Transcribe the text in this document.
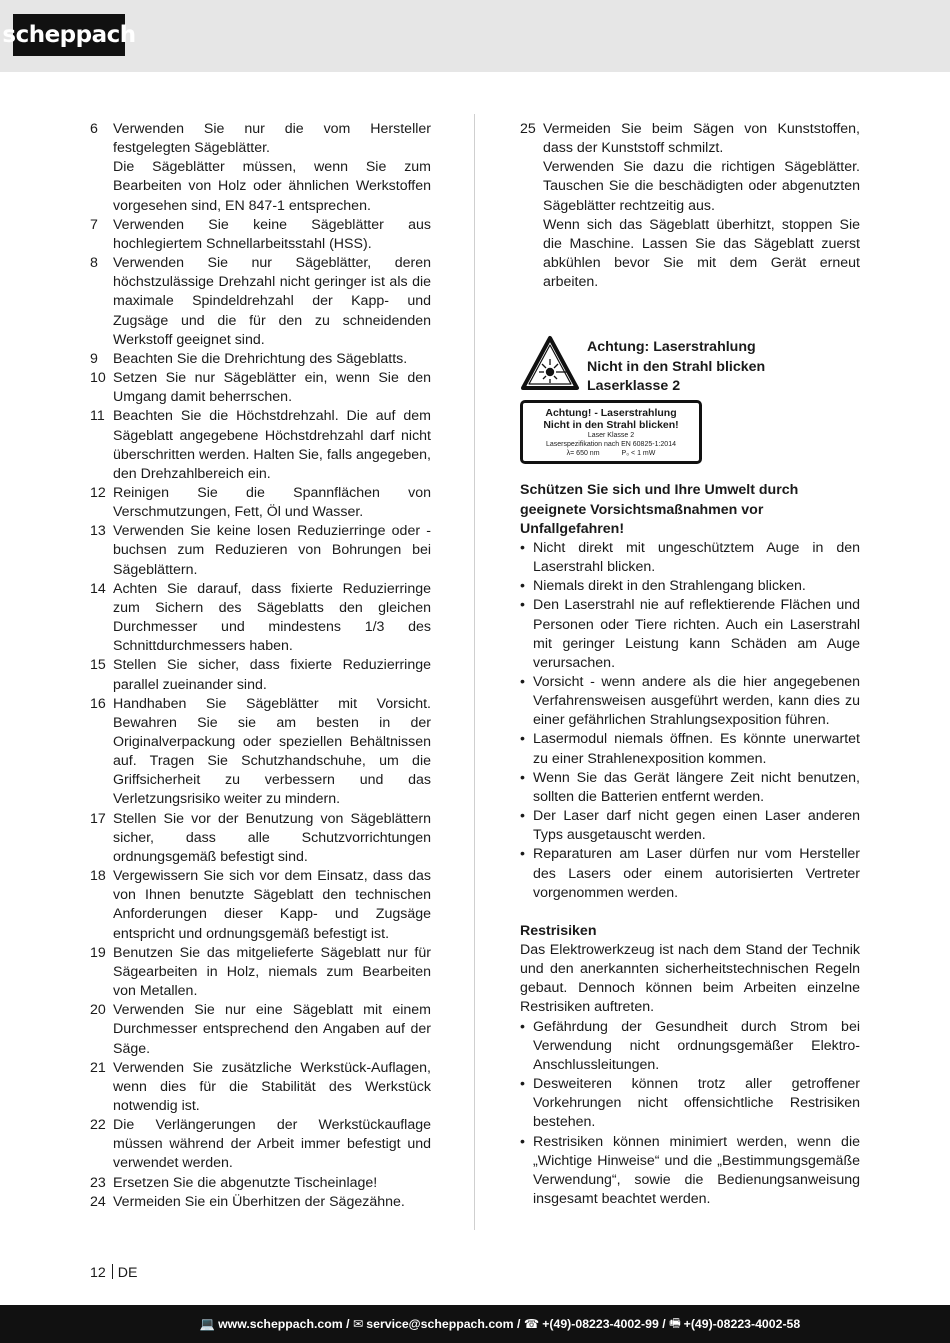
scheppach
6	Verwenden Sie nur die vom Hersteller festgelegten Sägeblätter.
Die Sägeblätter müssen, wenn Sie zum Bearbeiten von Holz oder ähnlichen Werkstoffen vorgesehen sind, EN 847-1 entsprechen.
7	Verwenden Sie keine Sägeblätter aus hochlegiertem Schnellarbeitsstahl (HSS).
8	Verwenden Sie nur Sägeblätter, deren höchstzulässige Drehzahl nicht geringer ist als die maximale Spindeldrehzahl der Kapp- und Zugsäge und die für den zu schneidenden Werkstoff geeignet sind.
9	Beachten Sie die Drehrichtung des Sägeblatts.
10 Setzen Sie nur Sägeblätter ein, wenn Sie den Umgang damit beherrschen.
11 Beachten Sie die Höchstdrehzahl. Die auf dem Sägeblatt angegebene Höchstdrehzahl darf nicht überschritten werden. Halten Sie, falls angegeben, den Drehzahlbereich ein.
12 Reinigen Sie die Spannflächen von Verschmutzungen, Fett, Öl und Wasser.
13 Verwenden Sie keine losen Reduzierringe oder -buchsen zum Reduzieren von Bohrungen bei Sägeblättern.
14 Achten Sie darauf, dass fixierte Reduzierringe zum Sichern des Sägeblatts den gleichen Durchmesser und mindestens 1/3 des Schnittdurchmessers haben.
15 Stellen Sie sicher, dass fixierte Reduzierringe parallel zueinander sind.
16 Handhaben Sie Sägeblätter mit Vorsicht. Bewahren Sie sie am besten in der Originalverpackung oder speziellen Behältnissen auf. Tragen Sie Schutzhandschuhe, um die Griffsicherheit zu verbessern und das Verletzungsrisiko weiter zu mindern.
17 Stellen Sie vor der Benutzung von Sägeblättern sicher, dass alle Schutzvorrichtungen ordnungsgemäß befestigt sind.
18 Vergewissern Sie sich vor dem Einsatz, dass das von Ihnen benutzte Sägeblatt den technischen Anforderungen dieser Kapp- und Zugsäge entspricht und ordnungsgemäß befestigt ist.
19 Benutzen Sie das mitgelieferte Sägeblatt nur für Sägearbeiten in Holz, niemals zum Bearbeiten von Metallen.
20 Verwenden Sie nur eine Sägeblatt mit einem Durchmesser entsprechend den Angaben auf der Säge.
21 Verwenden Sie zusätzliche Werkstück-Auflagen, wenn dies für die Stabilität des Werkstück notwendig ist.
22 Die Verlängerungen der Werkstückauflage müssen während der Arbeit immer befestigt und verwendet werden.
23 Ersetzen Sie die abgenutzte Tischeinlage!
24 Vermeiden Sie ein Überhitzen der Sägezähne.
25 Vermeiden Sie beim Sägen von Kunststoffen, dass der Kunststoff schmilzt.
Verwenden Sie dazu die richtigen Sägeblätter. Tauschen Sie die beschädigten oder abgenutzten Sägeblätter rechtzeitig aus.
Wenn sich das Sägeblatt überhitzt, stoppen Sie die Maschine. Lassen Sie das Sägeblatt zuerst abkühlen bevor Sie mit dem Gerät erneut arbeiten.
Achtung: Laserstrahlung
Nicht in den Strahl blicken
Laserklasse 2
Achtung! - Laserstrahlung
Nicht in den Strahl blicken!
Laser Klasse 2
Laserspezifikation nach EN 60825-1:2014
λ= 650 nm	P₀ < 1 mW
Schützen Sie sich und Ihre Umwelt durch geeignete Vorsichtsmaßnahmen vor Unfallgefahren!
• Nicht direkt mit ungeschütztem Auge in den Laserstrahl blicken.
• Niemals direkt in den Strahlengang blicken.
• Den Laserstrahl nie auf reflektierende Flächen und Personen oder Tiere richten. Auch ein Laserstrahl mit geringer Leistung kann Schäden am Auge verursachen.
• Vorsicht - wenn andere als die hier angegebenen Verfahrensweisen ausgeführt werden, kann dies zu einer gefährlichen Strahlungsexposition führen.
• Lasermodul niemals öffnen. Es könnte unerwartet zu einer Strahlenexposition kommen.
• Wenn Sie das Gerät längere Zeit nicht benutzen, sollten die Batterien entfernt werden.
• Der Laser darf nicht gegen einen Laser anderen Typs ausgetauscht werden.
• Reparaturen am Laser dürfen nur vom Hersteller des Lasers oder einem autorisierten Vertreter vorgenommen werden.
Restrisiken
Das Elektrowerkzeug ist nach dem Stand der Technik und den anerkannten sicherheitstechnischen Regeln gebaut. Dennoch können beim Arbeiten einzelne Restrisiken auftreten.
• Gefährdung der Gesundheit durch Strom bei Verwendung nicht ordnungsgemäßer Elektro-Anschlussleitungen.
• Desweiteren können trotz aller getroffener Vorkehrungen nicht offensichtliche Restrisiken bestehen.
• Restrisiken können minimiert werden, wenn die „Wichtige Hinweise“ und die „Bestimmungsgemäße Verwendung“, sowie die Bedienungsanweisung insgesamt beachtet werden.
12 DE
💻 www.scheppach.com
/
✉ service@scheppach.com
/
☎ +(49)-08223-4002-99
/
🖷 +(49)-08223-4002-58
